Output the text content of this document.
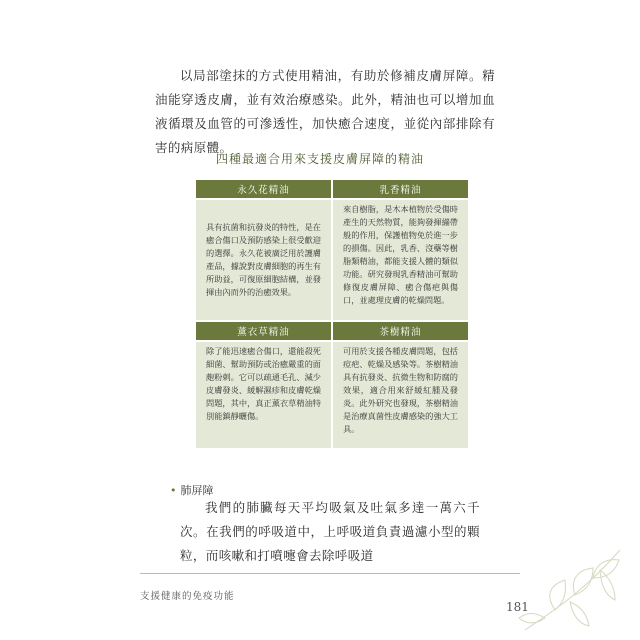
以局部塗抹的方式使用精油，有助於修補皮膚屏障。精油能穿透皮膚，並有效治療感染。此外，精油也可以增加血液循環及血管的可滲透性，加快癒合速度，並從內部排除有害的病原體。

四種最適合用來支援皮膚屏障的精油
永久花精油	乳香精油
具有抗菌和抗發炎的特性，是在癒合傷口及預防感染上很受歡迎的選擇。永久花被廣泛用於護膚產品，據說對皮膚細胞的再生有所助益，可復原細胞結構，並發揮由內而外的治癒效果。
來自樹脂，是木本植物於受傷時產生的天然物質，能夠發揮繃帶般的作用，保護植物免於進一步的損傷。因此，乳香、沒藥等樹脂類精油，都能支援人體的類似功能。研究發現乳香精油可幫助修復皮膚屏障、癒合傷疤與傷口，並處理皮膚的乾燥問題。
薰衣草精油	茶樹精油
除了能迅速癒合傷口，還能殺死細菌、幫助預防或治癒嚴重的面皰粉刺。它可以疏通毛孔、減少皮膚發炎、緩解濕疹和皮膚乾燥問題，其中，真正薰衣草精油特別能鎮靜曬傷。
可用於支援各種皮膚問題，包括痘疤、乾燥及感染等。茶樹精油具有抗發炎、抗微生物和防腐的效果，適合用來舒緩紅腫及發炎。此外研究也發現，茶樹精油是治療真菌性皮膚感染的強大工具。
• 肺屏障

我們的肺臟每天平均吸氣及吐氣多達一萬六千次。在我們的呼吸道中，上呼吸道負責過濾小型的顆粒，而咳嗽和打噴嚏會去除呼吸道

支援健康的免疫功能
181
